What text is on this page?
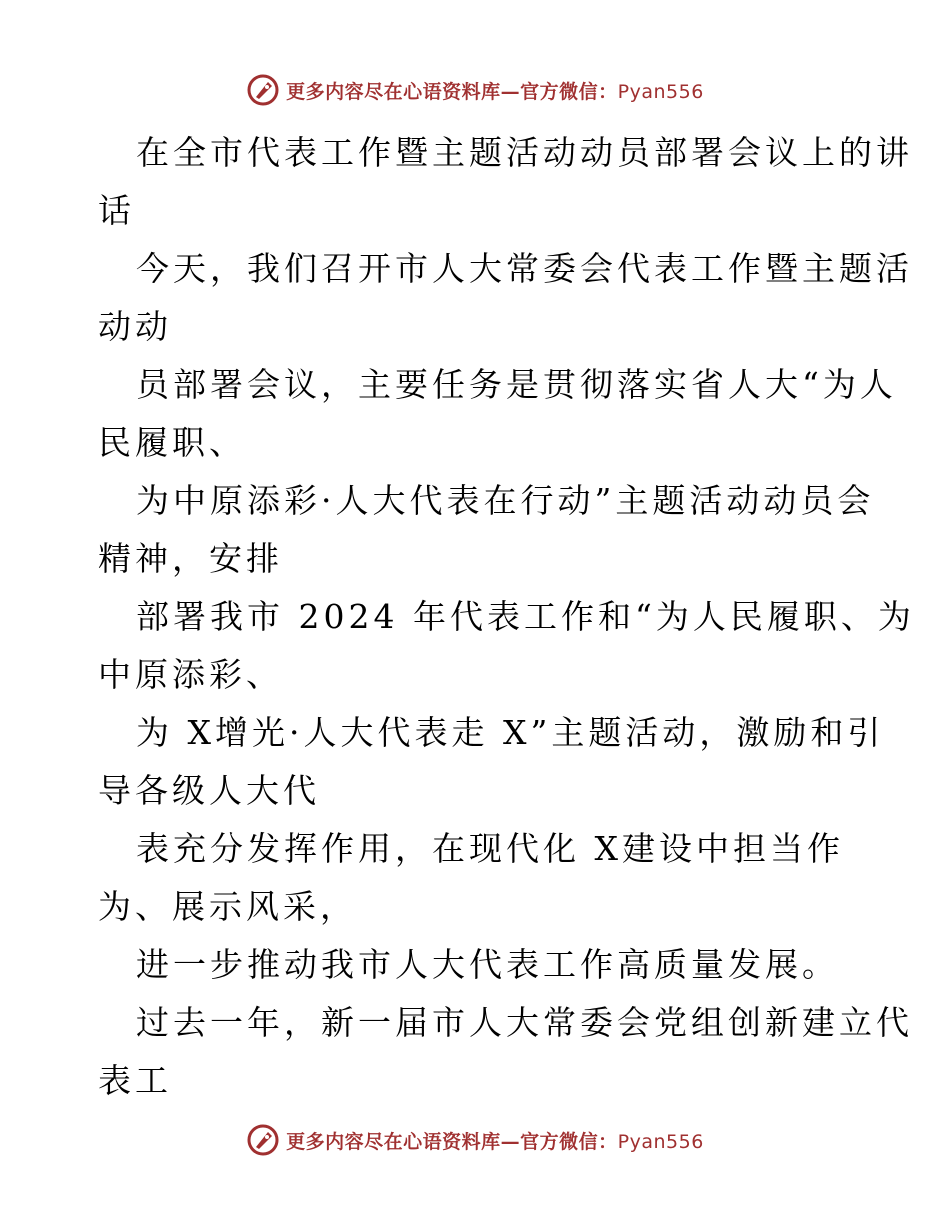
更多内容尽在心语资料库—官方微信：Pyan556
在全市代表工作暨主题活动动员部署会议上的讲
话
今天，我们召开市人大常委会代表工作暨主题活
动动
员部署会议，主要任务是贯彻落实省人大“为人
民履职、
为中原添彩·人大代表在行动”主题活动动员会
精神，安排
部署我市 2024 年代表工作和“为人民履职、为
中原添彩、
为 X增光·人大代表走 X”主题活动，激励和引
导各级人大代
表充分发挥作用，在现代化 X建设中担当作
为、展示风采，
进一步推动我市人大代表工作高质量发展。
过去一年，新一届市人大常委会党组创新建立代
表工
更多内容尽在心语资料库—官方微信：Pyan556
